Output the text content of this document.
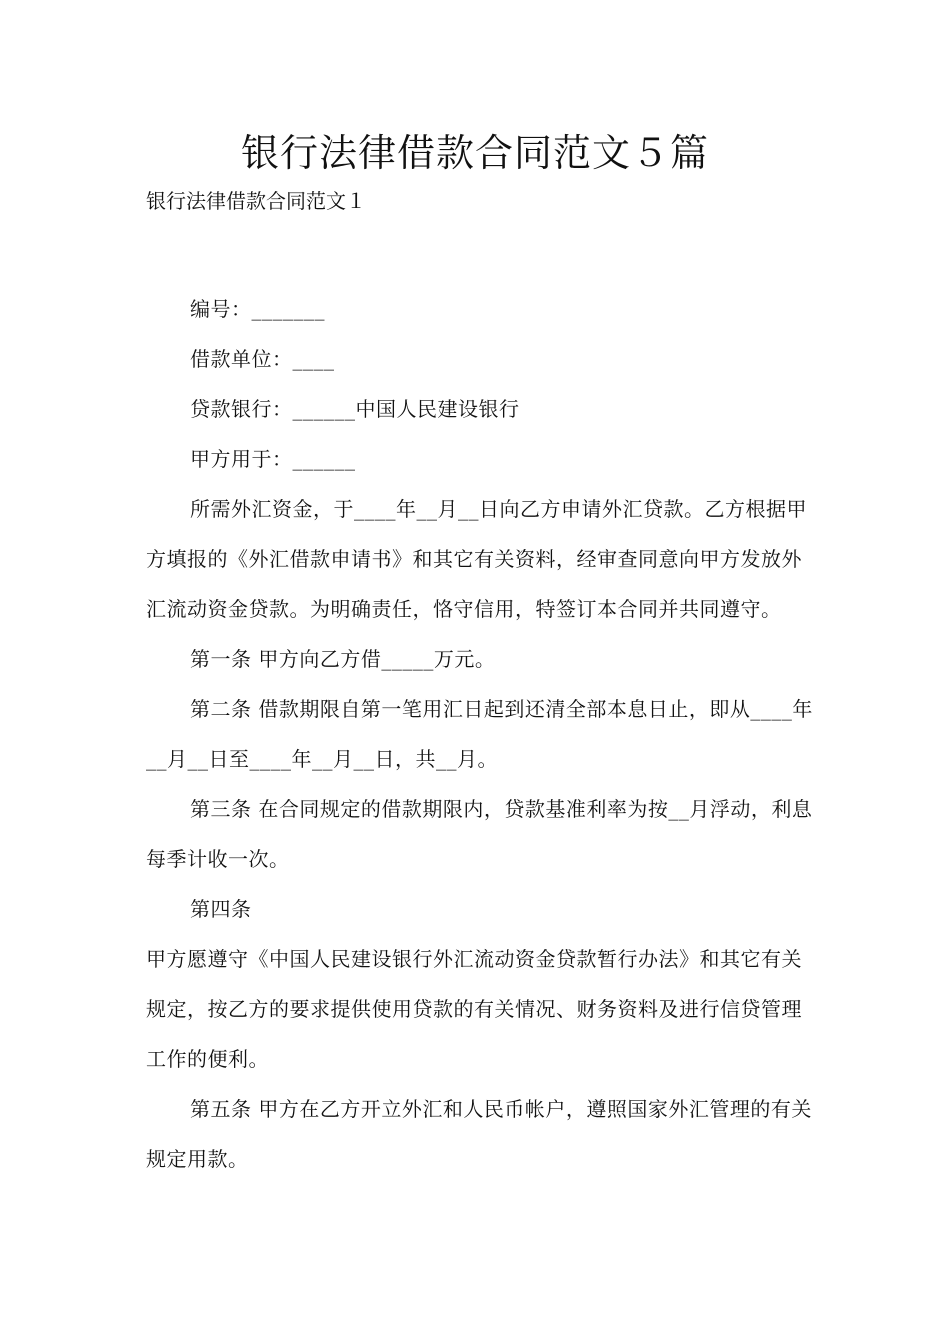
银行法律借款合同范文５篇
银行法律借款合同范文１

编号：_______

借款单位：____

贷款银行：______中国人民建设银行

甲方用于：______

所需外汇资金，于____年__月__日向乙方申请外汇贷款。乙方根据甲方填报的《外汇借款申请书》和其它有关资料，经审查同意向甲方发放外汇流动资金贷款。为明确责任，恪守信用，特签订本合同并共同遵守。

第一条 甲方向乙方借_____万元。

第二条 借款期限自第一笔用汇日起到还清全部本息日止，即从____年__月__日至____年__月__日，共__月。

第三条 在合同规定的借款期限内，贷款基准利率为按__月浮动，利息每季计收一次。

第四条

甲方愿遵守《中国人民建设银行外汇流动资金贷款暂行办法》和其它有关规定，按乙方的要求提供使用贷款的有关情况、财务资料及进行信贷管理工作的便利。

第五条 甲方在乙方开立外汇和人民币帐户，遵照国家外汇管理的有关规定用款。
